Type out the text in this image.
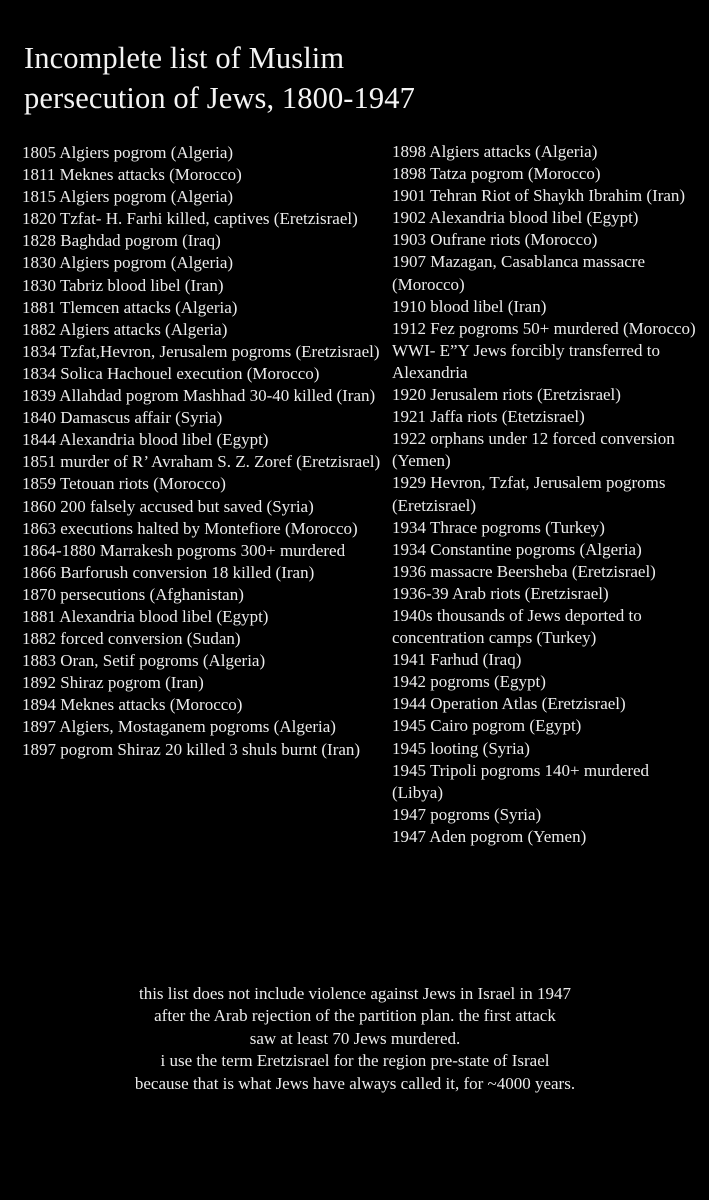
Incomplete list of Muslim
persecution of Jews, 1800-1947
1805 Algiers pogrom (Algeria)
1811 Meknes attacks (Morocco)
1815 Algiers pogrom (Algeria)
1820 Tzfat- H. Farhi killed, captives (Eretzisrael)
1828 Baghdad pogrom (Iraq)
1830 Algiers pogrom (Algeria)
1830 Tabriz blood libel (Iran)
1881 Tlemcen attacks (Algeria)
1882 Algiers attacks (Algeria)
1834 Tzfat,Hevron, Jerusalem pogroms (Eretzisrael)
1834 Solica Hachouel execution (Morocco)
1839 Allahdad pogrom Mashhad 30-40 killed (Iran)
1840 Damascus affair (Syria)
1844 Alexandria blood libel (Egypt)
1851 murder of R’ Avraham S. Z. Zoref (Eretzisrael)
1859 Tetouan riots (Morocco)
1860 200 falsely accused but saved (Syria)
1863 executions halted by Montefiore (Morocco)
1864-1880 Marrakesh pogroms 300+ murdered
1866 Barforush conversion 18 killed (Iran)
1870 persecutions (Afghanistan)
1881 Alexandria blood libel (Egypt)
1882 forced conversion (Sudan)
1883 Oran, Setif pogroms (Algeria)
1892 Shiraz pogrom (Iran)
1894 Meknes attacks (Morocco)
1897 Algiers, Mostaganem pogroms (Algeria)
1897 pogrom Shiraz 20 killed 3 shuls burnt (Iran)
1898 Algiers attacks (Algeria)
1898 Tatza pogrom (Morocco)
1901 Tehran Riot of Shaykh Ibrahim (Iran)
1902 Alexandria blood libel (Egypt)
1903 Oufrane riots (Morocco)
1907 Mazagan, Casablanca massacre (Morocco)
1910 blood libel (Iran)
1912 Fez pogroms 50+ murdered (Morocco)
WWI- E”Y Jews forcibly transferred to Alexandria
1920 Jerusalem riots (Eretzisrael)
1921 Jaffa riots (Etetzisrael)
1922 orphans under 12 forced conversion (Yemen)
1929 Hevron, Tzfat, Jerusalem pogroms (Eretzisrael)
1934 Thrace pogroms (Turkey)
1934 Constantine pogroms (Algeria)
1936 massacre Beersheba (Eretzisrael)
1936-39 Arab riots (Eretzisrael)
1940s thousands of Jews deported to concentration camps (Turkey)
1941 Farhud (Iraq)
1942 pogroms (Egypt)
1944 Operation Atlas (Eretzisrael)
1945 Cairo pogrom (Egypt)
1945 looting (Syria)
1945 Tripoli pogroms 140+ murdered (Libya)
1947 pogroms (Syria)
1947 Aden pogrom (Yemen)

this list does not include violence against Jews in Israel in 1947

after the Arab rejection of the partition plan. the first attack

saw at least 70 Jews murdered.

i use the term Eretzisrael for the region pre-state of Israel

because that is what Jews have always called it, for ~4000 years.
